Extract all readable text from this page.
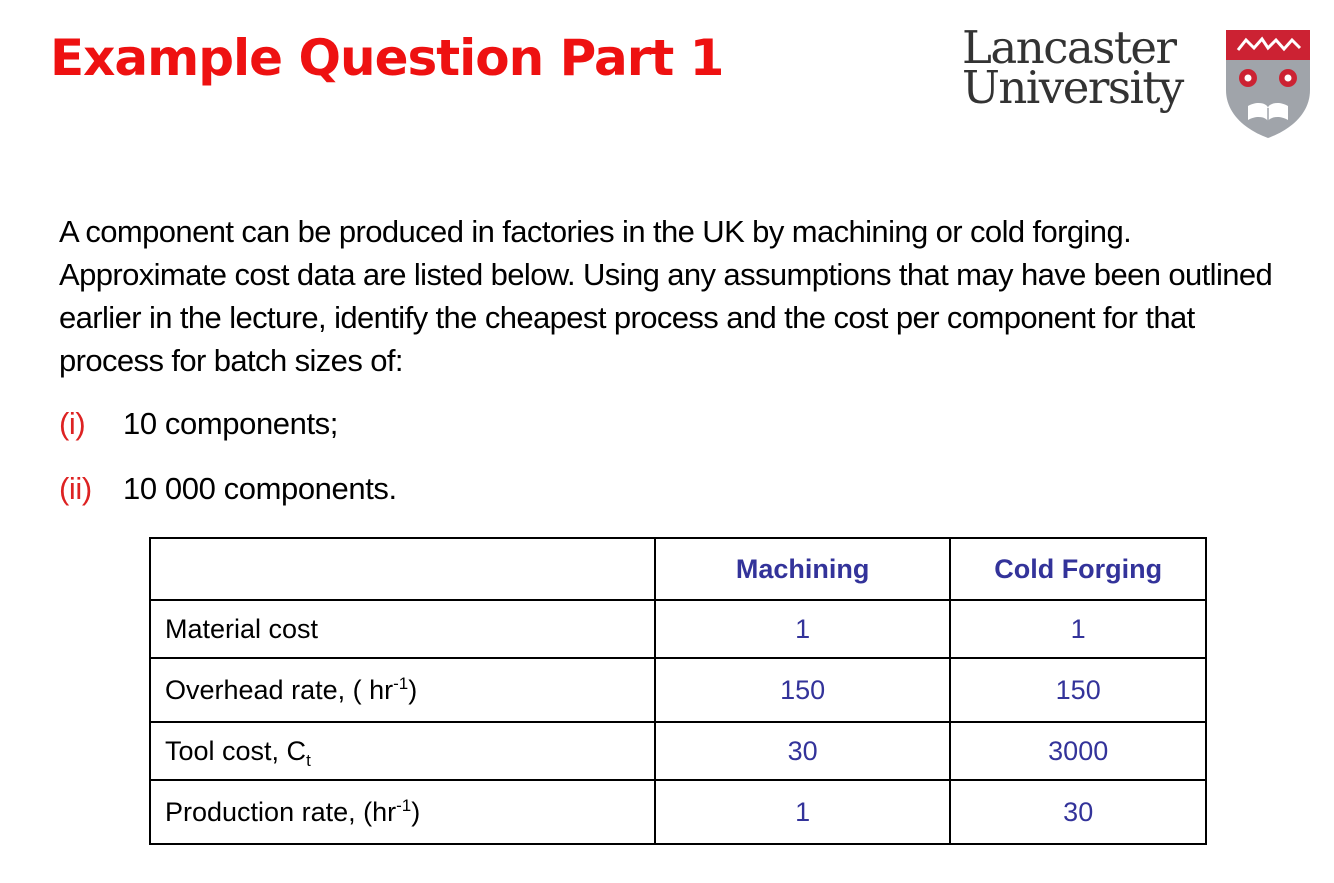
Example Question Part 1	Lancaster
University

A component can be produced in factories in the UK by machining or cold forging. Approximate cost data are listed below. Using any assumptions that may have been outlined earlier in the lecture, identify the cheapest process and the cost per component for that process for batch sizes of:

(i) 10 components;
(ii) 10 000 components.
	Machining	Cold Forging
Material cost	1	1
Overhead rate, ( $hr^{-1}$)	150	150
Tool cost, $C_t$	30	3000
Production rate, $(hr^{-1})$	1	30
